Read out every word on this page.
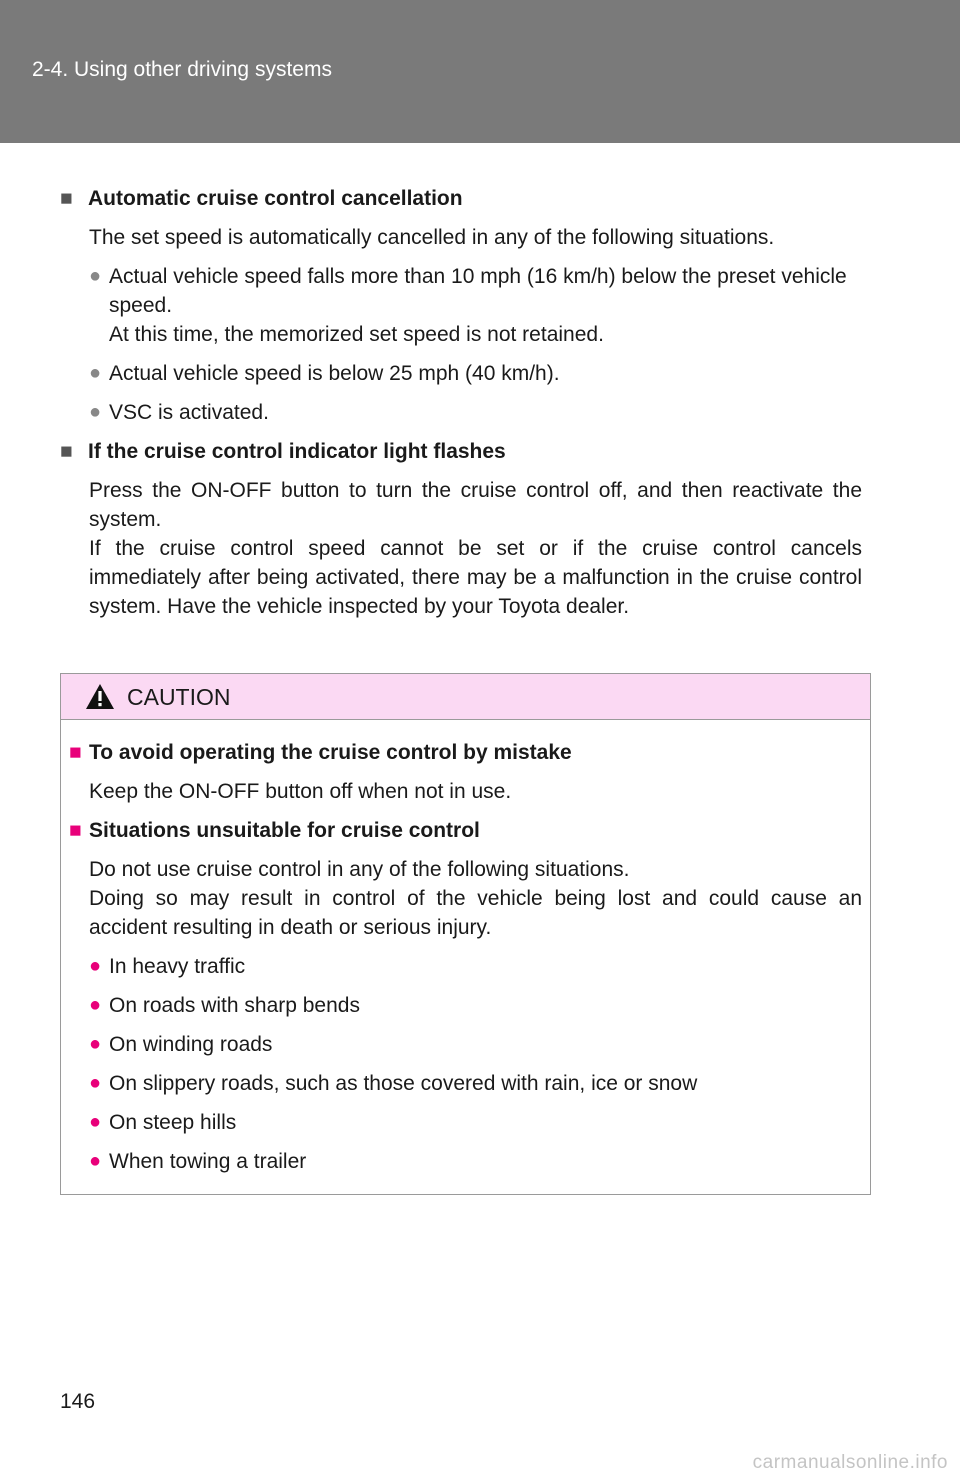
2-4. Using other driving systems
■ Automatic cruise control cancellation
The set speed is automatically cancelled in any of the following situations.
● Actual vehicle speed falls more than 10 mph (16 km/h) below the preset vehicle speed.
At this time, the memorized set speed is not retained.
● Actual vehicle speed is below 25 mph (40 km/h).
● VSC is activated.
■ If the cruise control indicator light flashes
Press the ON-OFF button to turn the cruise control off, and then reactivate the system.
If the cruise control speed cannot be set or if the cruise control cancels immediately after being activated, there may be a malfunction in the cruise control system. Have the vehicle inspected by your Toyota dealer.
CAUTION
■ To avoid operating the cruise control by mistake
Keep the ON-OFF button off when not in use.
■ Situations unsuitable for cruise control
Do not use cruise control in any of the following situations.
Doing so may result in control of the vehicle being lost and could cause an accident resulting in death or serious injury.
● In heavy traffic
● On roads with sharp bends
● On winding roads
● On slippery roads, such as those covered with rain, ice or snow
● On steep hills
● When towing a trailer
146
carmanualsonline.info
